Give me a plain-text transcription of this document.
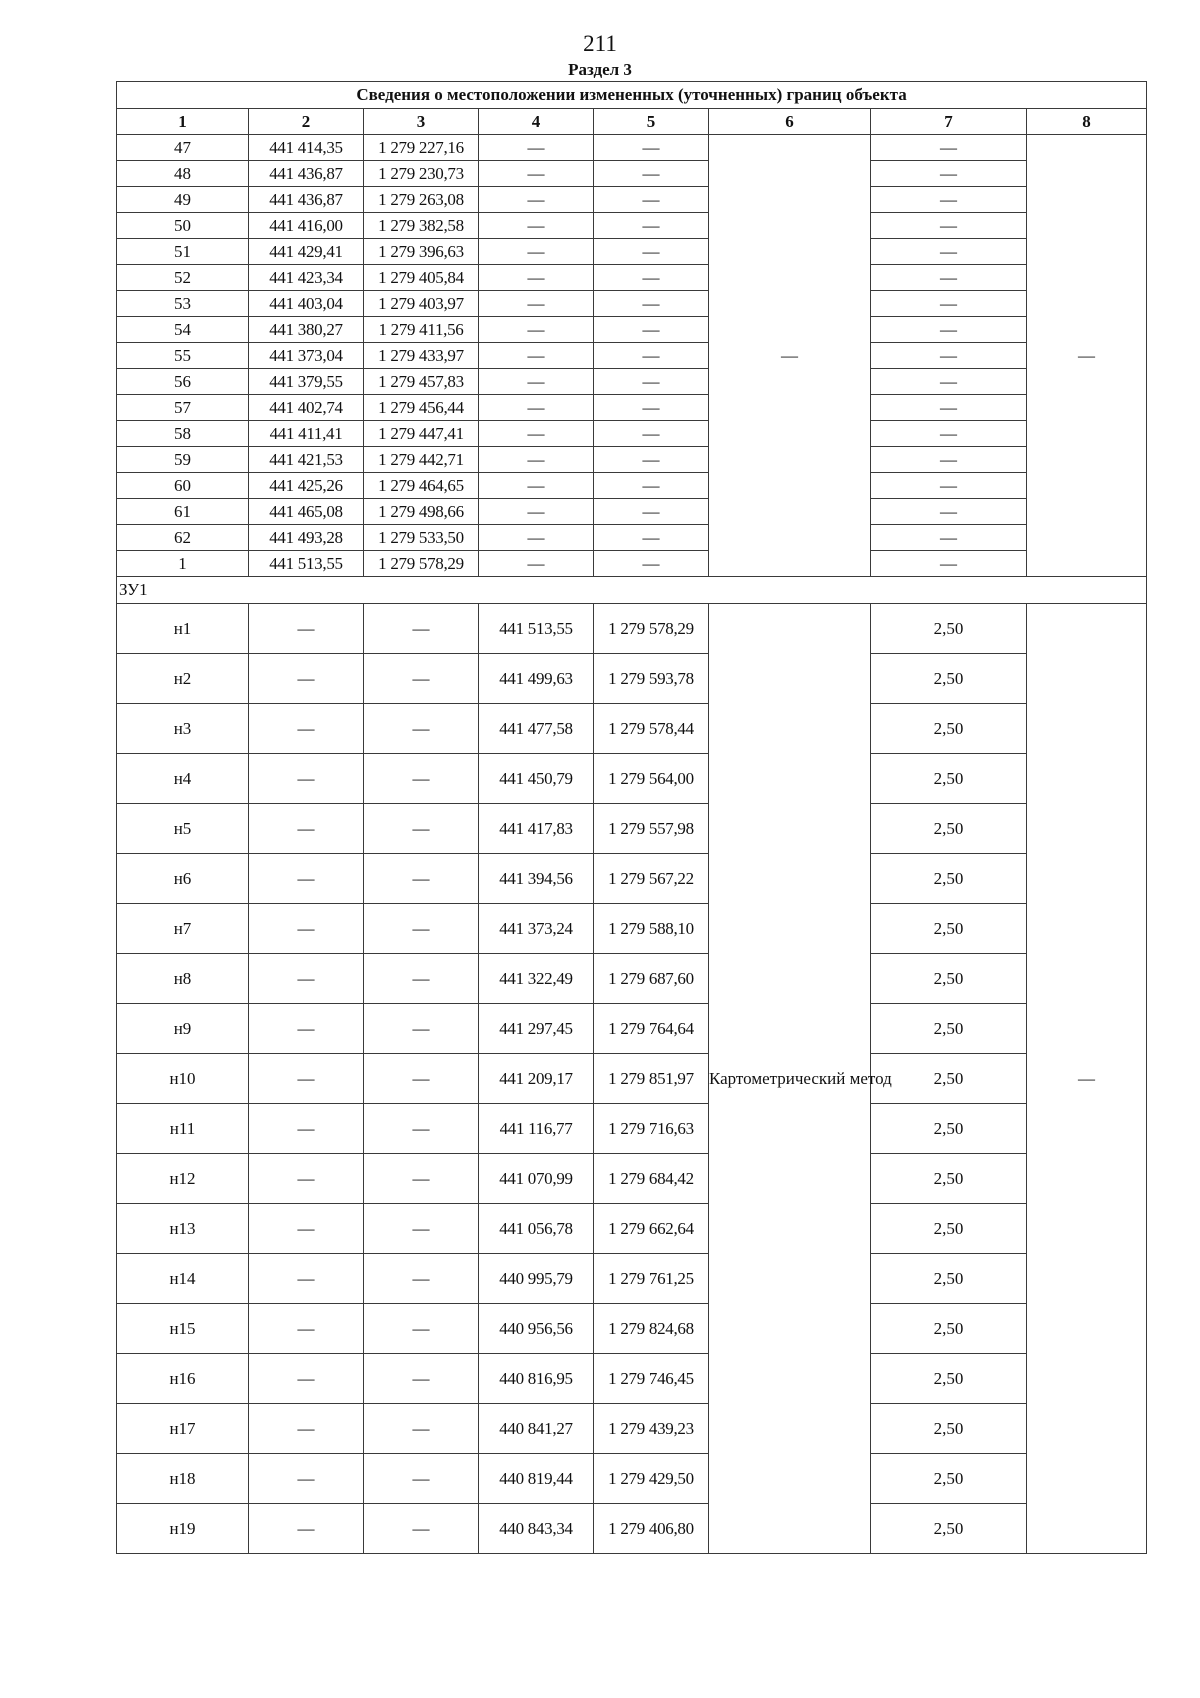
211
Раздел 3
Сведения о местоположении измененных (уточненных) границ объекта							
1	2	3	4	5	6	7	8
47	441 414,35	1 279 227,16	—	—	—	—	—
48	441 436,87	1 279 230,73	—	—		—	
49	441 436,87	1 279 263,08	—	—		—	
50	441 416,00	1 279 382,58	—	—		—	
51	441 429,41	1 279 396,63	—	—		—	
52	441 423,34	1 279 405,84	—	—		—	
53	441 403,04	1 279 403,97	—	—		—	
54	441 380,27	1 279 411,56	—	—		—	
55	441 373,04	1 279 433,97	—	—		—	
56	441 379,55	1 279 457,83	—	—		—	
57	441 402,74	1 279 456,44	—	—		—	
58	441 411,41	1 279 447,41	—	—		—	
59	441 421,53	1 279 442,71	—	—		—	
60	441 425,26	1 279 464,65	—	—		—	
61	441 465,08	1 279 498,66	—	—		—	
62	441 493,28	1 279 533,50	—	—		—	
1	441 513,55	1 279 578,29	—	—		—	
ЗУ1							
н1	—	—	441 513,55	1 279 578,29	Картометрический метод	2,50	—
н2	—	—	441 499,63	1 279 593,78		2,50	
н3	—	—	441 477,58	1 279 578,44		2,50	
н4	—	—	441 450,79	1 279 564,00		2,50	
н5	—	—	441 417,83	1 279 557,98		2,50	
н6	—	—	441 394,56	1 279 567,22		2,50	
н7	—	—	441 373,24	1 279 588,10		2,50	
н8	—	—	441 322,49	1 279 687,60		2,50	
н9	—	—	441 297,45	1 279 764,64		2,50	
н10	—	—	441 209,17	1 279 851,97		2,50	
н11	—	—	441 116,77	1 279 716,63		2,50	
н12	—	—	441 070,99	1 279 684,42		2,50	
н13	—	—	441 056,78	1 279 662,64		2,50	
н14	—	—	440 995,79	1 279 761,25		2,50	
н15	—	—	440 956,56	1 279 824,68		2,50	
н16	—	—	440 816,95	1 279 746,45		2,50	
н17	—	—	440 841,27	1 279 439,23		2,50	
н18	—	—	440 819,44	1 279 429,50		2,50	
н19	—	—	440 843,34	1 279 406,80		2,50	
